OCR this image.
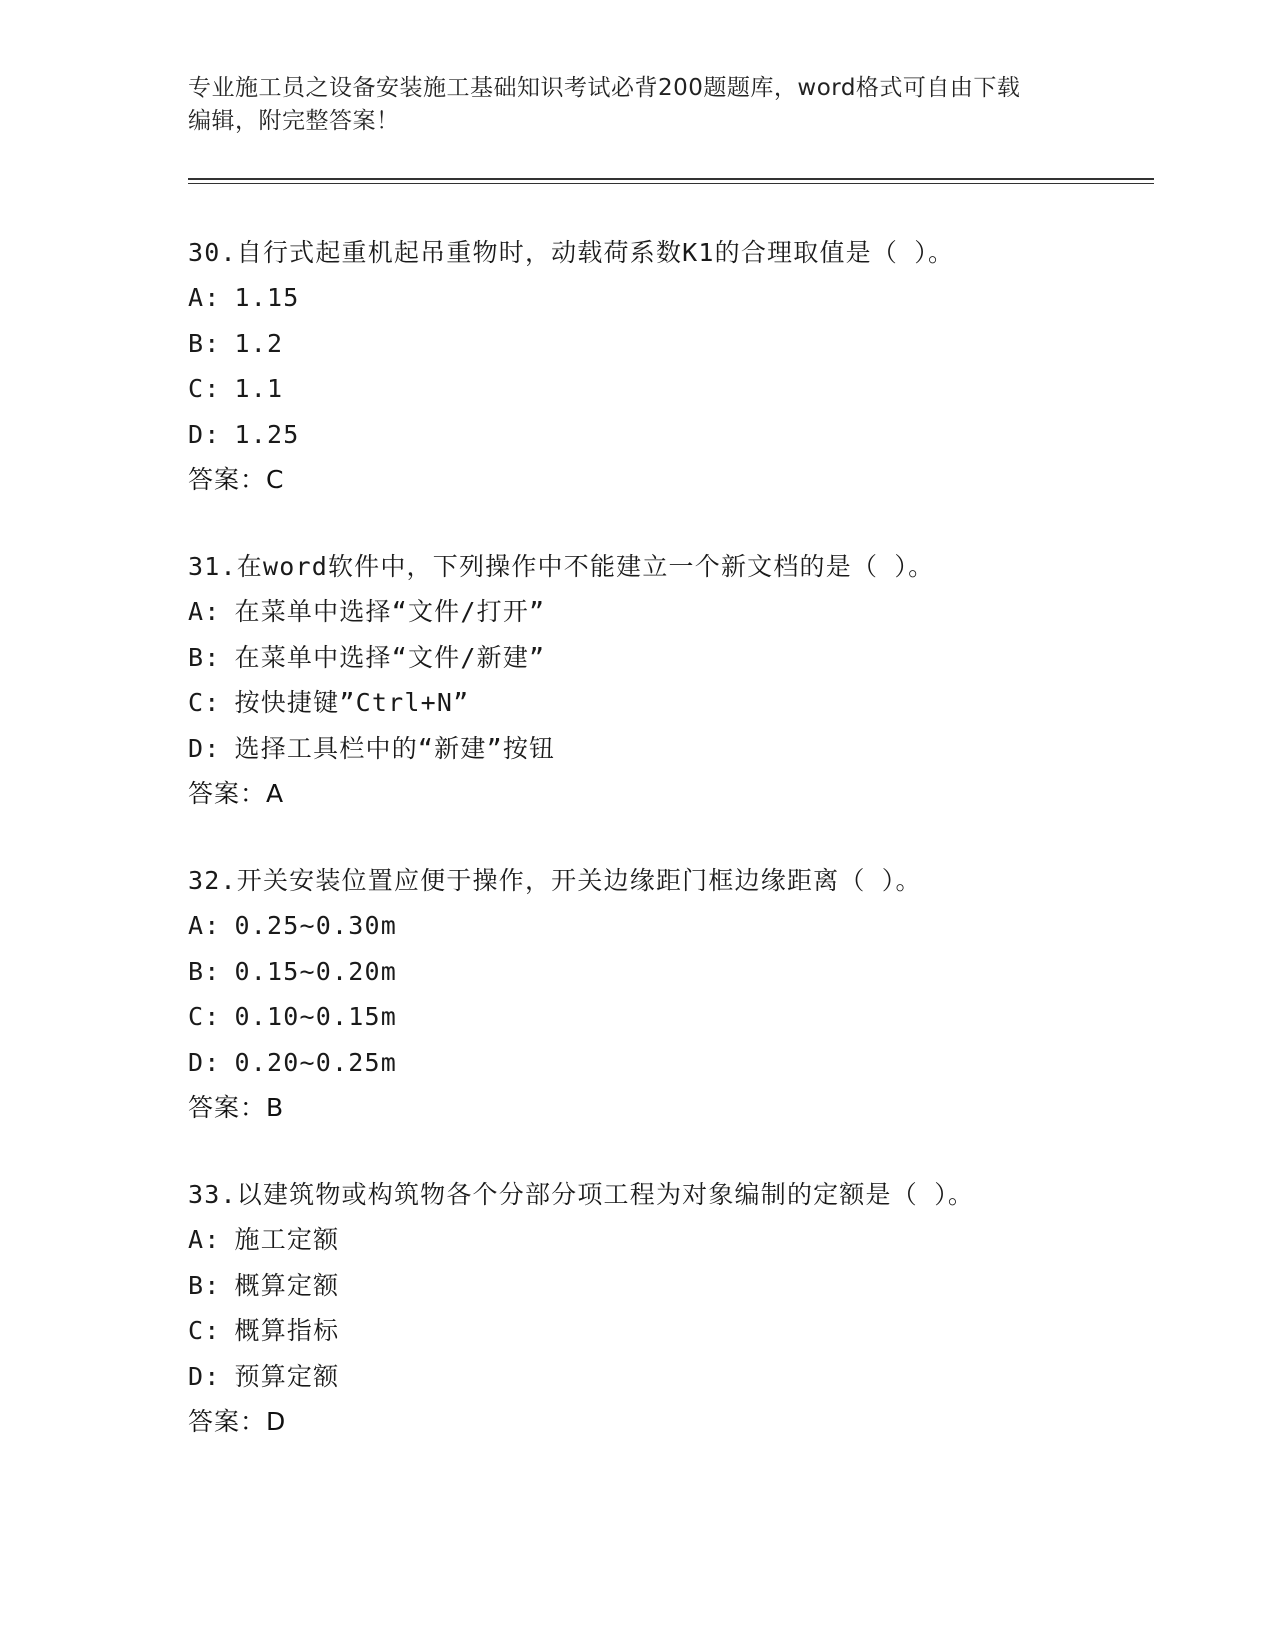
专业施工员之设备安装施工基础知识考试必背200题题库，word格式可自由下载
编辑，附完整答案！
30.自行式起重机起吊重物时，动载荷系数K1的合理取值是（ ）。
A: 1.15
B: 1.2
C: 1.1
D: 1.25
答案：C
31.在word软件中，下列操作中不能建立一个新文档的是（ ）。
A: 在菜单中选择“文件/打开”
B: 在菜单中选择“文件/新建”
C: 按快捷键”Ctrl+N”
D: 选择工具栏中的“新建”按钮
答案：A
32.开关安装位置应便于操作，开关边缘距门框边缘距离（ ）。
A: 0.25~0.30m
B: 0.15~0.20m
C: 0.10~0.15m
D: 0.20~0.25m
答案：B
33.以建筑物或构筑物各个分部分项工程为对象编制的定额是（ ）。
A: 施工定额
B: 概算定额
C: 概算指标
D: 预算定额
答案：D
